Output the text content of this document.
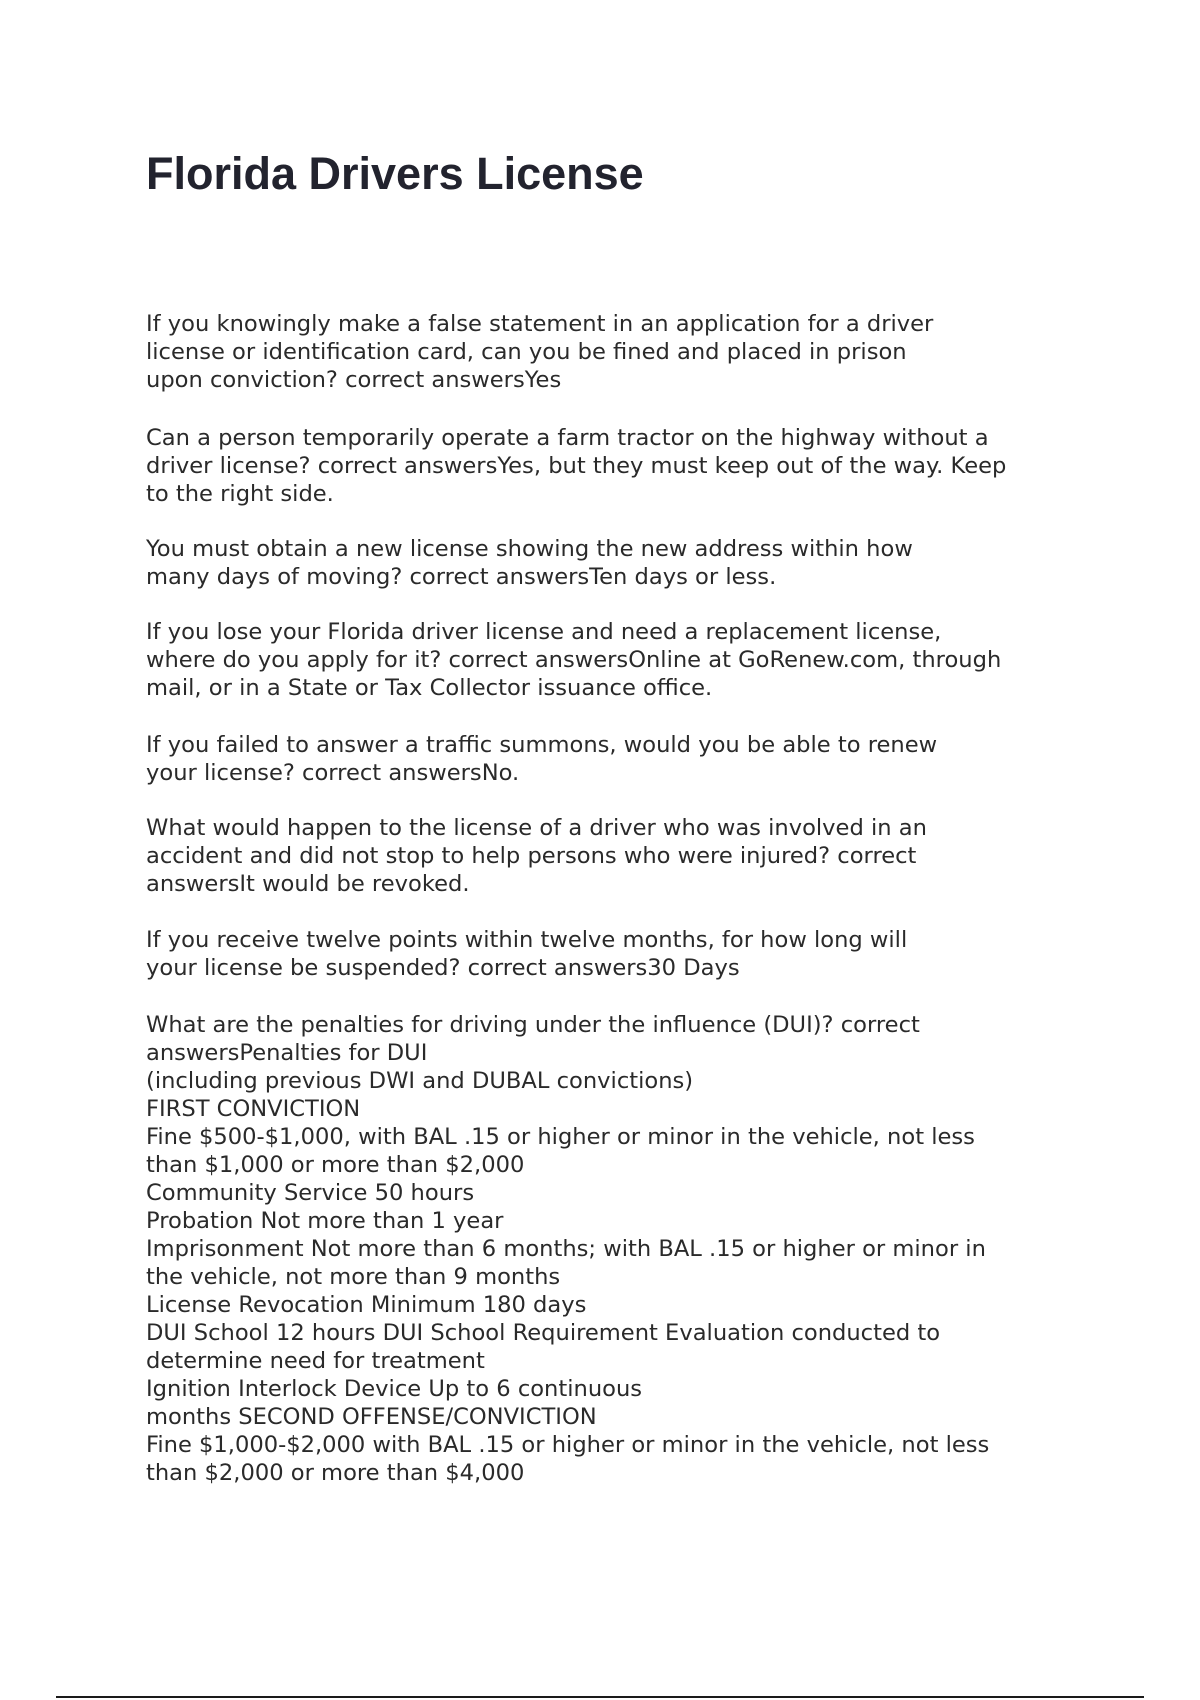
Florida Drivers License

If you knowingly make a false statement in an application for a driver
license or identification card, can you be fined and placed in prison
upon conviction? correct answersYes

Can a person temporarily operate a farm tractor on the highway without a
driver license? correct answersYes, but they must keep out of the way. Keep
to the right side.

You must obtain a new license showing the new address within how
many days of moving? correct answersTen days or less.

If you lose your Florida driver license and need a replacement license,
where do you apply for it? correct answersOnline at GoRenew.com, through
mail, or in a State or Tax Collector issuance office.

If you failed to answer a traffic summons, would you be able to renew
your license? correct answersNo.

What would happen to the license of a driver who was involved in an
accident and did not stop to help persons who were injured? correct
answersIt would be revoked.

If you receive twelve points within twelve months, for how long will
your license be suspended? correct answers30 Days

What are the penalties for driving under the influence (DUI)? correct
answersPenalties for DUI
(including previous DWI and DUBAL convictions)
FIRST CONVICTION
Fine $500-$1,000, with BAL .15 or higher or minor in the vehicle, not less
than $1,000 or more than $2,000
Community Service 50 hours
Probation Not more than 1 year
Imprisonment Not more than 6 months; with BAL .15 or higher or minor in
the vehicle, not more than 9 months
License Revocation Minimum 180 days
DUI School 12 hours DUI School Requirement Evaluation conducted to
determine need for treatment
Ignition Interlock Device Up to 6 continuous
months SECOND OFFENSE/CONVICTION
Fine $1,000-$2,000 with BAL .15 or higher or minor in the vehicle, not less
than $2,000 or more than $4,000
